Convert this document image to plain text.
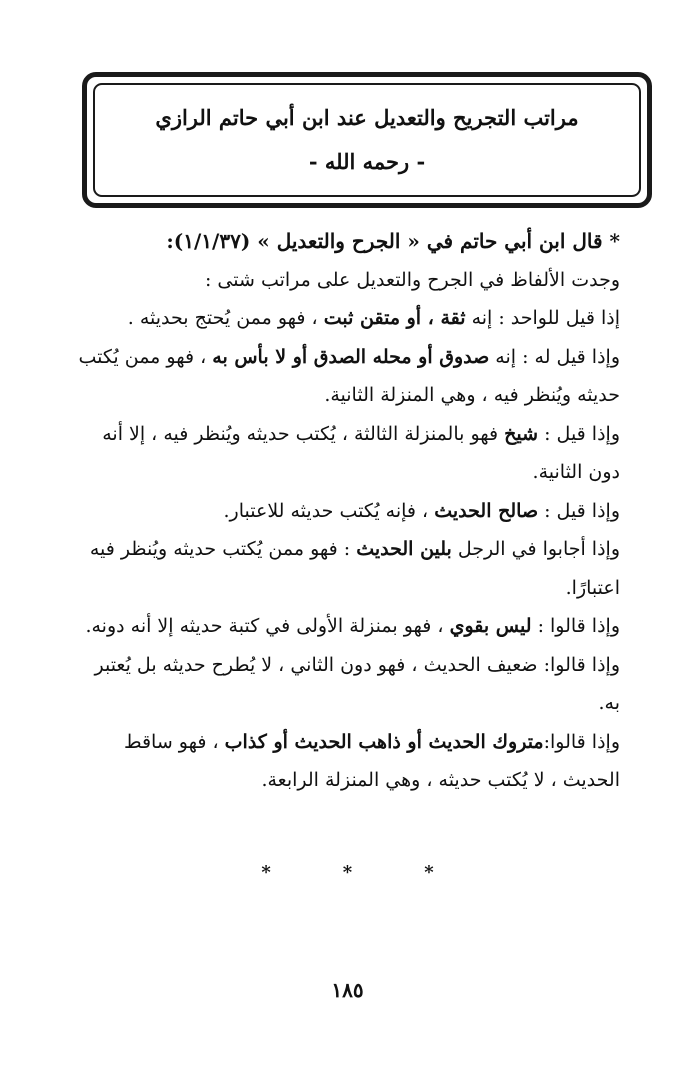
مراتب التجريح والتعديل عند ابن أبي حاتم الرازي
- رحمه الله -

* قال ابن أبي حاتم في « الجرح والتعديل » (١/١/٣٧):

وجدت الألفاظ في الجرح والتعديل على مراتب شتى :

إذا قيل للواحد : إنه ثقة ، أو متقن ثبت ، فهو ممن يُحتج بحديثه .

وإذا قيل له : إنه صدوق أو محله الصدق أو لا بأس به ، فهو ممن يُكتب حديثه ويُنظر فيه ، وهي المنزلة الثانية.

وإذا قيل : شيخ فهو بالمنزلة الثالثة ، يُكتب حديثه ويُنظر فيه ، إلا أنه دون الثانية.

وإذا قيل : صالح الحديث ، فإنه يُكتب حديثه للاعتبار.

وإذا أجابوا في الرجل بلين الحديث : فهو ممن يُكتب حديثه ويُنظر فيه اعتبارًا.

وإذا قالوا : ليس بقوي ، فهو بمنزلة الأولى في كتبة حديثه إلا أنه دونه.

وإذا قالوا: ضعيف الحديث ، فهو دون الثاني ، لا يُطرح حديثه بل يُعتبر به.

وإذا قالوا:متروك الحديث أو ذاهب الحديث أو كذاب ، فهو ساقط الحديث ، لا يُكتب حديثه ، وهي المنزلة الرابعة.

*	*	*
١٨٥
